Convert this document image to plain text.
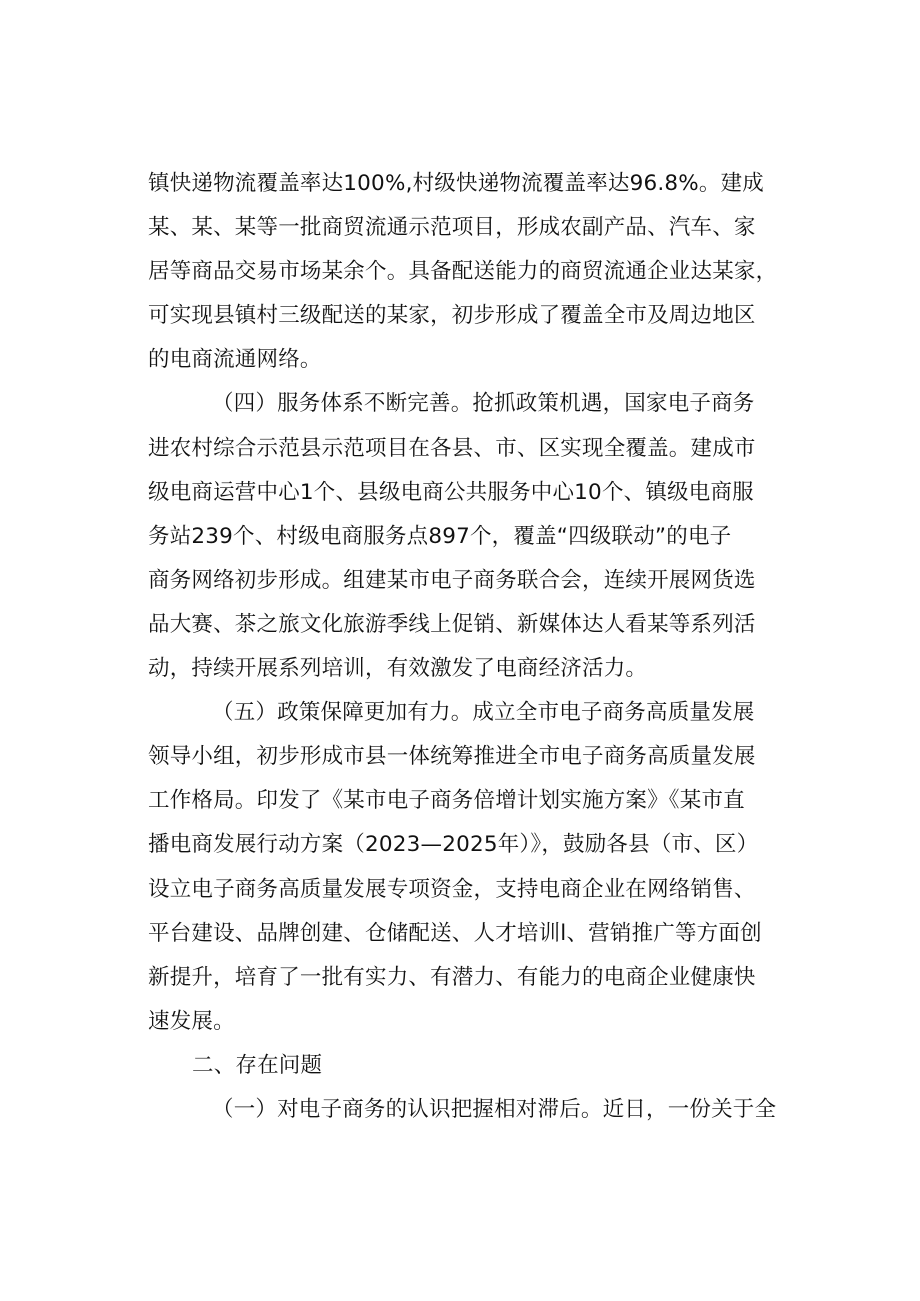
镇快递物流覆盖率达100%,村级快递物流覆盖率达96.8%。建成
某、某、某等一批商贸流通示范项目，形成农副产品、汽车、家
居等商品交易市场某余个。具备配送能力的商贸流通企业达某家，
可实现县镇村三级配送的某家，初步形成了覆盖全市及周边地区
的电商流通网络。
（四）服务体系不断完善。抢抓政策机遇，国家电子商务
进农村综合示范县示范项目在各县、市、区实现全覆盖。建成市
级电商运营中心1个、县级电商公共服务中心10个、镇级电商服
务站239个、村级电商服务点897个，覆盖“四级联动”的电子
商务网络初步形成。组建某市电子商务联合会，连续开展网货选
品大赛、茶之旅文化旅游季线上促销、新媒体达人看某等系列活
动，持续开展系列培训，有效激发了电商经济活力。
（五）政策保障更加有力。成立全市电子商务高质量发展
领导小组，初步形成市县一体统筹推进全市电子商务高质量发展
工作格局。印发了《某市电子商务倍增计划实施方案》《某市直
播电商发展行动方案（2023—2025年）》，鼓励各县（市、区）
设立电子商务高质量发展专项资金，支持电商企业在网络销售、
平台建设、品牌创建、仓储配送、人才培训l、营销推广等方面创
新提升，培育了一批有实力、有潜力、有能力的电商企业健康快
速发展。
二、存在问题
（一）对电子商务的认识把握相对滞后。近日，一份关于全
